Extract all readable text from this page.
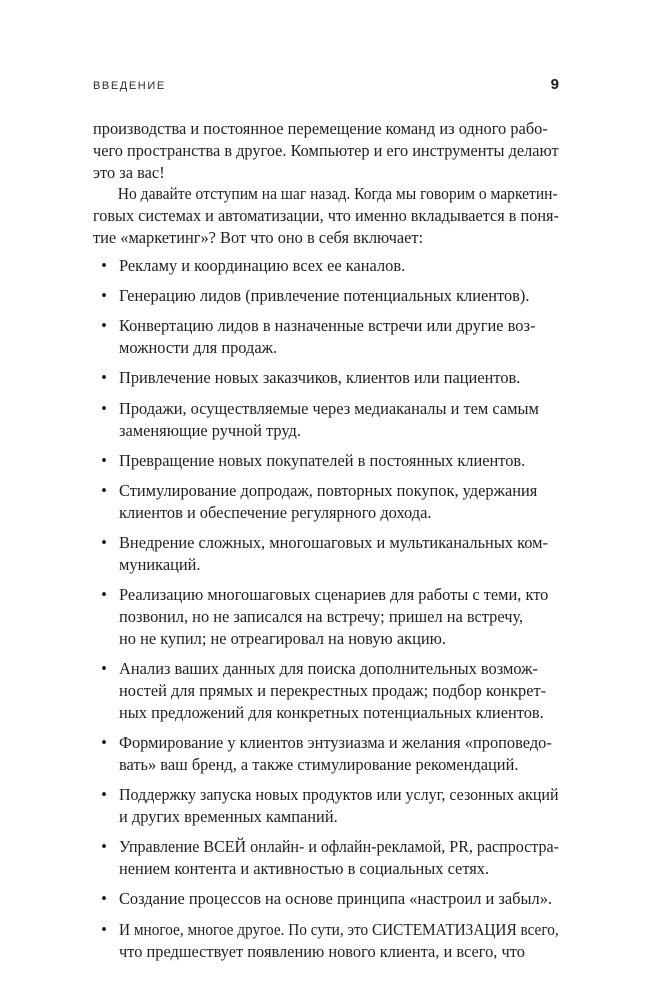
ВВЕДЕНИЕ	9
производства и постоянное перемещение команд из одного рабо-
чего пространства в другое. Компьютер и его инструменты делают
это за вас!
Но давайте отступим на шаг назад. Когда мы говорим о маркетин-
говых системах и автоматизации, что именно вкладывается в поня-
тие «маркетинг»? Вот что оно в себя включает:
• Рекламу и координацию всех ее каналов.
• Генерацию лидов (привлечение потенциальных клиентов).
• Конвертацию лидов в назначенные встречи или другие воз-
можности для продаж.
• Привлечение новых заказчиков, клиентов или пациентов.
• Продажи, осуществляемые через медиаканалы и тем самым
заменяющие ручной труд.
• Превращение новых покупателей в постоянных клиентов.
• Стимулирование допродаж, повторных покупок, удержания
клиентов и обеспечение регулярного дохода.
• Внедрение сложных, многошаговых и мультиканальных ком-
муникаций.
• Реализацию многошаговых сценариев для работы с теми, кто
позвонил, но не записался на встречу; пришел на встречу,
но не купил; не отреагировал на новую акцию.
• Анализ ваших данных для поиска дополнительных возмож-
ностей для прямых и перекрестных продаж; подбор конкрет-
ных предложений для конкретных потенциальных клиентов.
• Формирование у клиентов энтузиазма и желания «проповедо-
вать» ваш бренд, а также стимулирование рекомендаций.
• Поддержку запуска новых продуктов или услуг, сезонных акций
и других временных кампаний.
• Управление ВСЕЙ онлайн- и офлайн-рекламой, PR, распростра-
нением контента и активностью в социальных сетях.
• Создание процессов на основе принципа «настроил и забыл».
• И многое, многое другое. По сути, это СИСТЕМАТИЗАЦИЯ всего,
что предшествует появлению нового клиента, и всего, что
